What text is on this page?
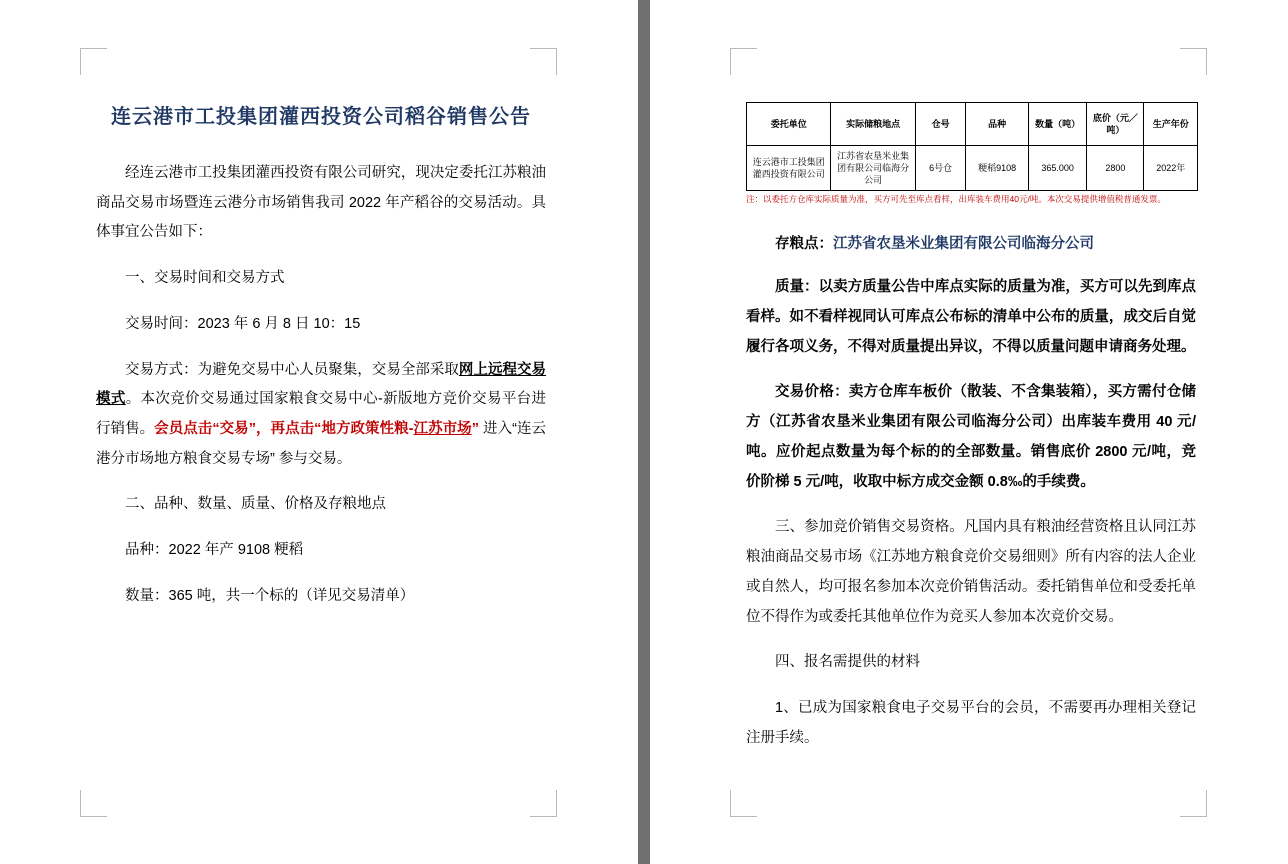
连云港市工投集团灌西投资公司稻谷销售公告

经连云港市工投集团灌西投资有限公司研究，现决定委托江苏粮油商品交易市场暨连云港分市场销售我司 2022 年产稻谷的交易活动。具体事宜公告如下：

一、交易时间和交易方式

交易时间：2023 年 6 月 8 日 10：15

交易方式：为避免交易中心人员聚集，交易全部采取网上远程交易模式。本次竞价交易通过国家粮食交易中心-新版地方竞价交易平台进行销售。会员点击“交易”，再点击“地方政策性粮-江苏市场” 进入“连云港分市场地方粮食交易专场” 参与交易。

二、品种、数量、质量、价格及存粮地点

品种：2022 年产 9108 粳稻

数量：365 吨，共一个标的（详见交易清单）

委托单位	实际储粮地点	仓号	品种	数量（吨）	底价（元／吨）	生产年份
连云港市工投集团灌西投资有限公司	江苏省农垦米业集团有限公司临海分公司	6号仓	粳稻9108	365.000	2800	2022年
注：以委托方仓库实际质量为准，买方可先至库点看样，出库装车费用40元/吨。本次交易提供增值税普通发票。
存粮点：江苏省农垦米业集团有限公司临海分公司

质量：以卖方质量公告中库点实际的质量为准，买方可以先到库点看样。如不看样视同认可库点公布标的清单中公布的质量，成交后自觉履行各项义务，不得对质量提出异议，不得以质量问题申请商务处理。

交易价格：卖方仓库车板价（散装、不含集装箱），买方需付仓储方（江苏省农垦米业集团有限公司临海分公司）出库装车费用 40 元/吨。应价起点数量为每个标的的全部数量。销售底价 2800 元/吨，竞价阶梯 5 元/吨，收取中标方成交金额 0.8‰的手续费。

三、参加竞价销售交易资格。凡国内具有粮油经营资格且认同江苏粮油商品交易市场《江苏地方粮食竞价交易细则》所有内容的法人企业或自然人，均可报名参加本次竞价销售活动。委托销售单位和受委托单位不得作为或委托其他单位作为竞买人参加本次竞价交易。

四、报名需提供的材料

1、已成为国家粮食电子交易平台的会员，不需要再办理相关登记注册手续。
